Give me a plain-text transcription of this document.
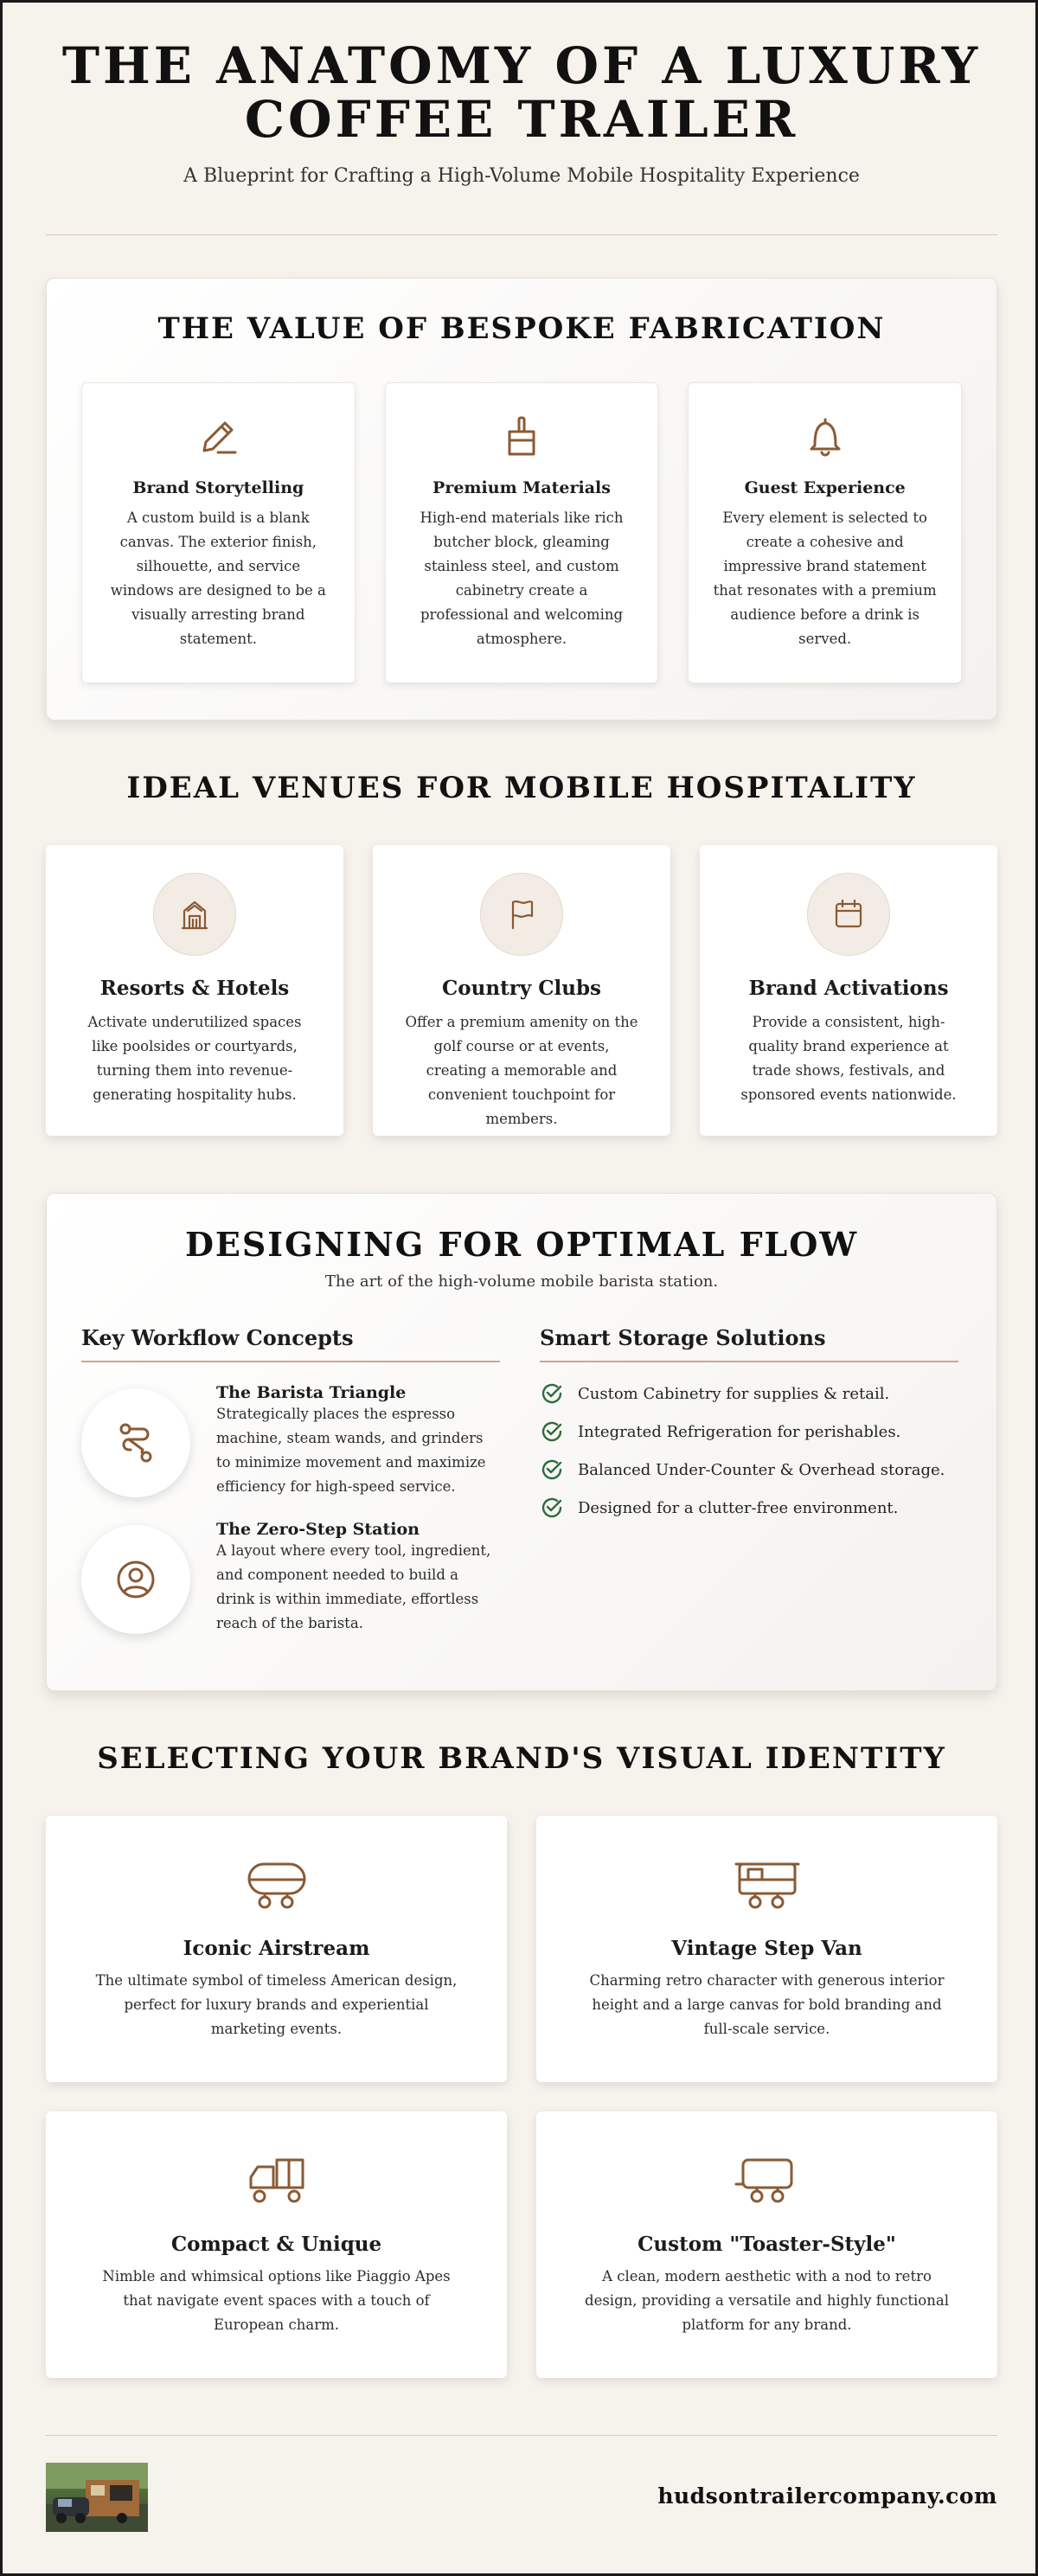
THE ANATOMY OF A LUXURY COFFEE TRAILER

A Blueprint for Crafting a High-Volume Mobile Hospitality Experience

THE VALUE OF BESPOKE FABRICATION
Brand Storytelling

A custom build is a blank canvas. The exterior finish, silhouette, and service windows are designed to be a visually arresting brand statement.

Premium Materials

High-end materials like rich butcher block, gleaming stainless steel, and custom cabinetry create a professional and welcoming atmosphere.

Guest Experience

Every element is selected to create a cohesive and impressive brand statement that resonates with a premium audience before a drink is served.

IDEAL VENUES FOR MOBILE HOSPITALITY
Resorts & Hotels

Activate underutilized spaces like poolsides or courtyards, turning them into revenue-generating hospitality hubs.

Country Clubs

Offer a premium amenity on the golf course or at events, creating a memorable and convenient touchpoint for members.

Brand Activations

Provide a consistent, high-quality brand experience at trade shows, festivals, and sponsored events nationwide.

DESIGNING FOR OPTIMAL FLOW

The art of the high-volume mobile barista station.

Key Workflow Concepts
The Barista Triangle

Strategically places the espresso machine, steam wands, and grinders to minimize movement and maximize efficiency for high-speed service.

The Zero-Step Station

A layout where every tool, ingredient, and component needed to build a drink is within immediate, effortless reach of the barista.

Smart Storage Solutions
Custom Cabinetry for supplies & retail.
Integrated Refrigeration for perishables.
Balanced Under-Counter & Overhead storage.
Designed for a clutter-free environment.
SELECTING YOUR BRAND'S VISUAL IDENTITY
Iconic Airstream

The ultimate symbol of timeless American design, perfect for luxury brands and experiential marketing events.

Vintage Step Van

Charming retro character with generous interior height and a large canvas for bold branding and full-scale service.

Compact & Unique

Nimble and whimsical options like Piaggio Apes that navigate event spaces with a touch of European charm.

Custom "Toaster-Style"

A clean, modern aesthetic with a nod to retro design, providing a versatile and highly functional platform for any brand.

hudsontrailercompany.com
